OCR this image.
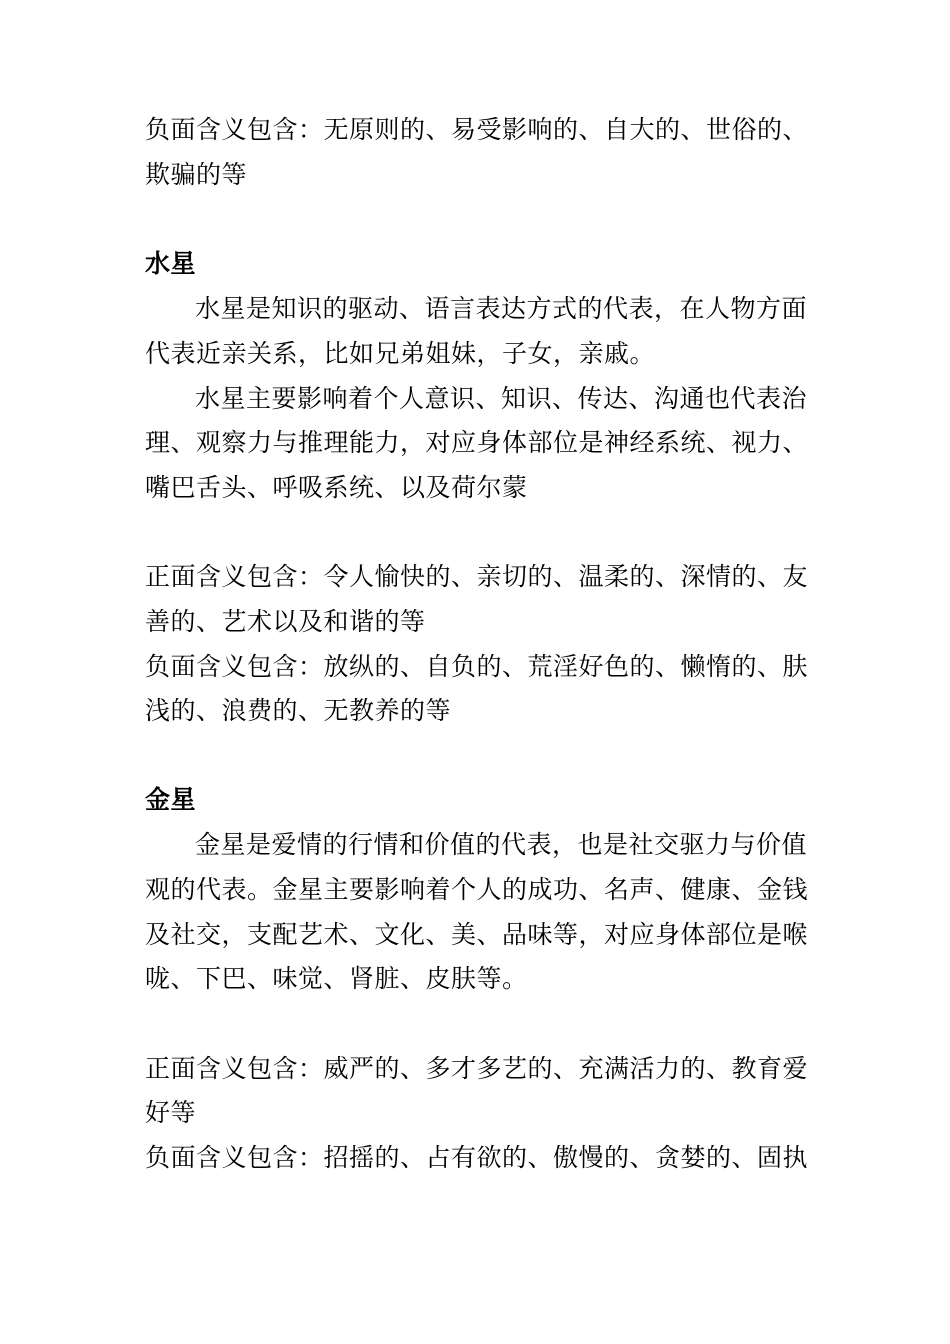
负面含义包含：无原则的、易受影响的、自大的、世俗的、
欺骗的等
水星
水星是知识的驱动、语言表达方式的代表，在人物方面
代表近亲关系，比如兄弟姐妹，子女，亲戚。
水星主要影响着个人意识、知识、传达、沟通也代表治
理、观察力与推理能力，对应身体部位是神经系统、视力、
嘴巴舌头、呼吸系统、以及荷尔蒙
正面含义包含：令人愉快的、亲切的、温柔的、深情的、友
善的、艺术以及和谐的等
负面含义包含：放纵的、自负的、荒淫好色的、懒惰的、肤
浅的、浪费的、无教养的等
金星
金星是爱情的行情和价值的代表，也是社交驱力与价值
观的代表。金星主要影响着个人的成功、名声、健康、金钱
及社交，支配艺术、文化、美、品味等，对应身体部位是喉
咙、下巴、味觉、肾脏、皮肤等。
正面含义包含：威严的、多才多艺的、充满活力的、教育爱
好等
负面含义包含：招摇的、占有欲的、傲慢的、贪婪的、固执
